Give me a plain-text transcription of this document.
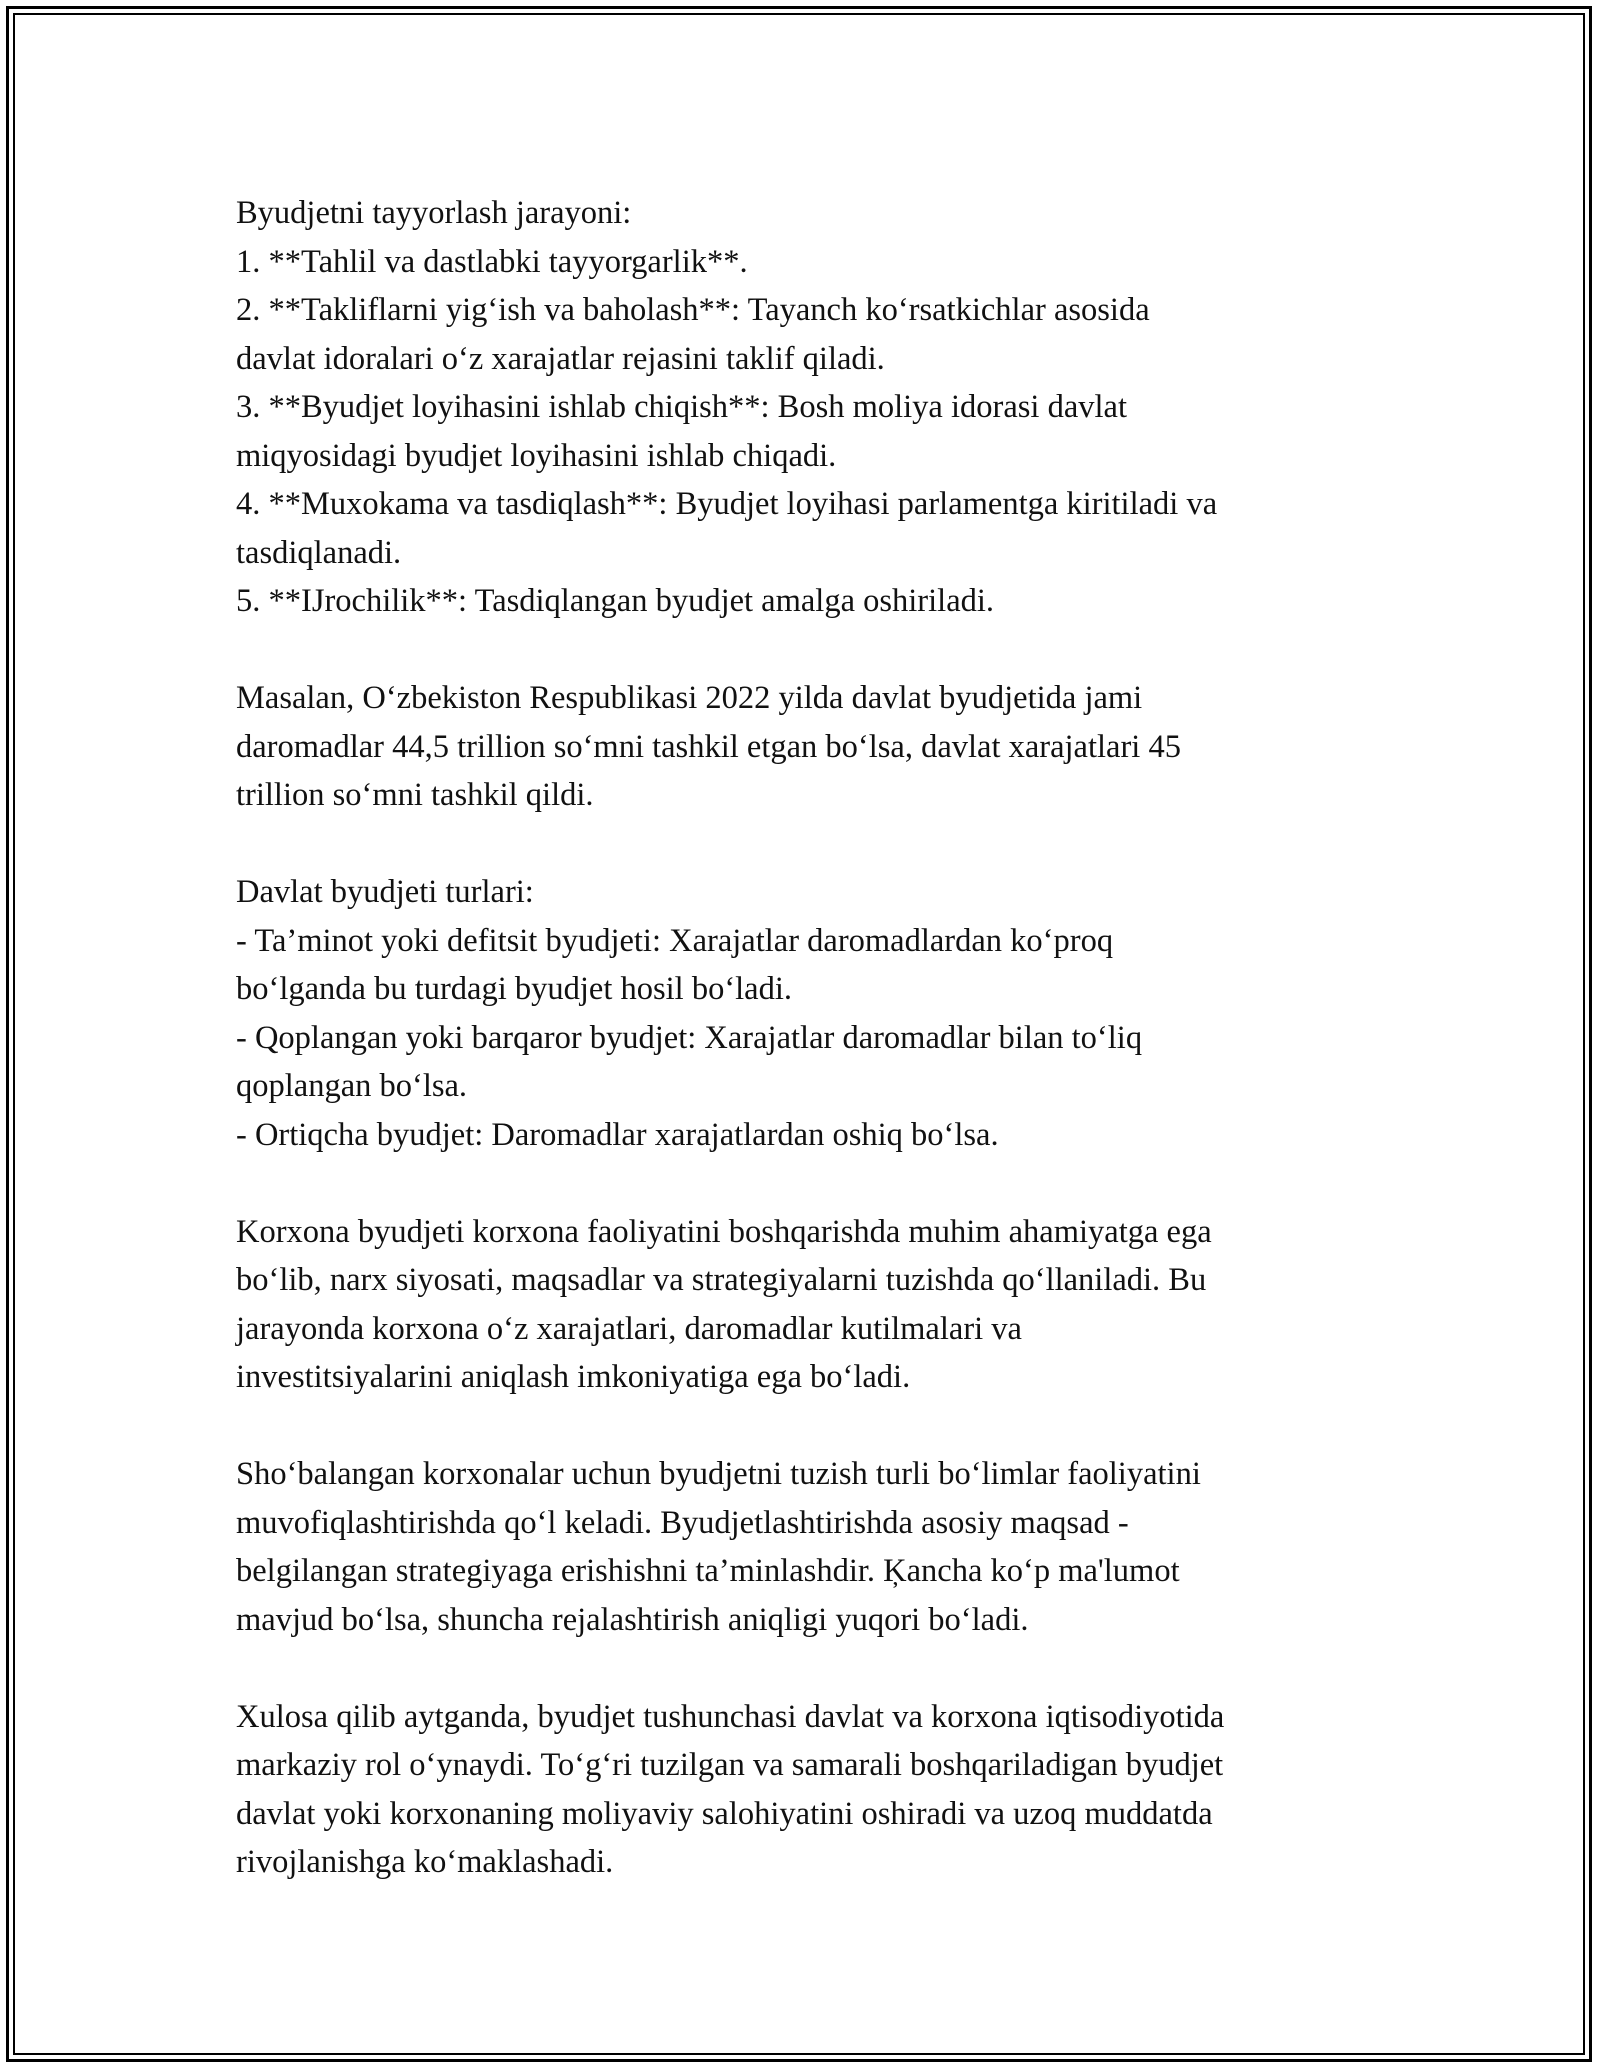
Byudjetni tayyorlash jarayoni:
1. **Tahlil va dastlabki tayyorgarlik**.
2. **Takliflarni yig‘ish va baholash**: Tayanch ko‘rsatkichlar asosida
davlat idoralari o‘z xarajatlar rejasini taklif qiladi.
3. **Byudjet loyihasini ishlab chiqish**: Bosh moliya idorasi davlat
miqyosidagi byudjet loyihasini ishlab chiqadi.
4. **Muxokama va tasdiqlash**: Byudjet loyihasi parlamentga kiritiladi va
tasdiqlanadi.
5. **IJrochilik**: Tasdiqlangan byudjet amalga oshiriladi.
Masalan, O‘zbekiston Respublikasi 2022 yilda davlat byudjetida jami
daromadlar 44,5 trillion so‘mni tashkil etgan bo‘lsa, davlat xarajatlari 45
trillion so‘mni tashkil qildi.
Davlat byudjeti turlari:
- Ta’minot yoki defitsit byudjeti: Xarajatlar daromadlardan ko‘proq
bo‘lganda bu turdagi byudjet hosil bo‘ladi.
- Qoplangan yoki barqaror byudjet: Xarajatlar daromadlar bilan to‘liq
qoplangan bo‘lsa.
- Ortiqcha byudjet: Daromadlar xarajatlardan oshiq bo‘lsa.
Korxona byudjeti korxona faoliyatini boshqarishda muhim ahamiyatga ega
bo‘lib, narx siyosati, maqsadlar va strategiyalarni tuzishda qo‘llaniladi. Bu
jarayonda korxona o‘z xarajatlari, daromadlar kutilmalari va
investitsiyalarini aniqlash imkoniyatiga ega bo‘ladi.
Sho‘balangan korxonalar uchun byudjetni tuzish turli bo‘limlar faoliyatini
muvofiqlashtirishda qo‘l keladi. Byudjetlashtirishda asosiy maqsad -
belgilangan strategiyaga erishishni ta’minlashdir. Ķancha ko‘p ma'lumot
mavjud bo‘lsa, shuncha rejalashtirish aniqligi yuqori bo‘ladi.
Xulosa qilib aytganda, byudjet tushunchasi davlat va korxona iqtisodiyotida
markaziy rol o‘ynaydi. To‘g‘ri tuzilgan va samarali boshqariladigan byudjet
davlat yoki korxonaning moliyaviy salohiyatini oshiradi va uzoq muddatda
rivojlanishga ko‘maklashadi.
